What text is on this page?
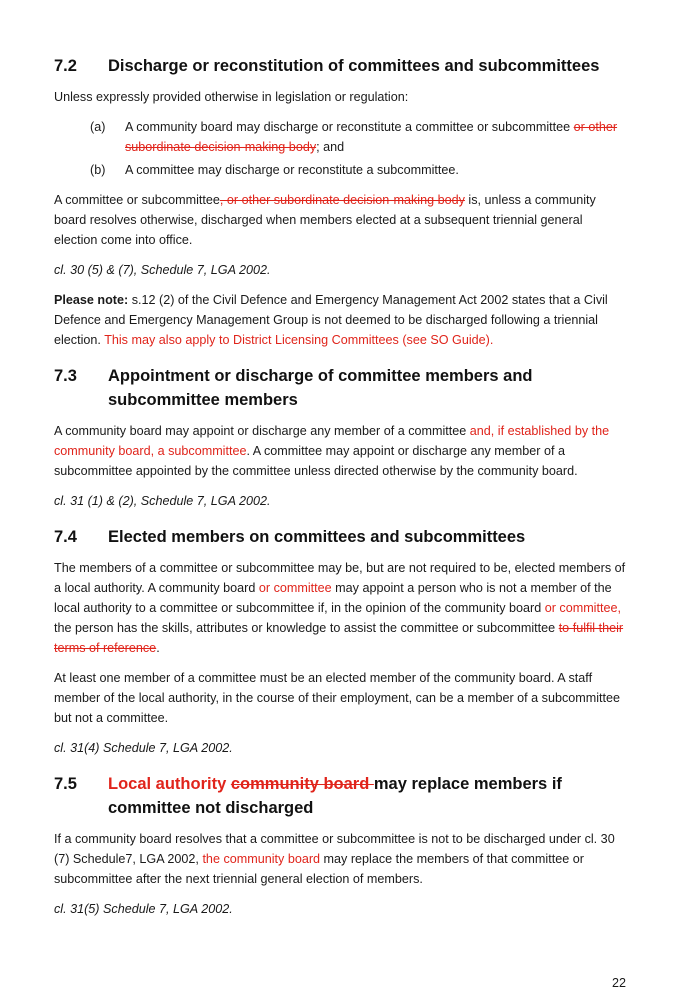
7.2	Discharge or reconstitution of committees and subcommittees

Unless expressly provided otherwise in legislation or regulation:

(a)	A community board may discharge or reconstitute a committee or subcommittee or other subordinate decision-making body; and
(b)	A committee may discharge or reconstitute a subcommittee.

A committee or subcommittee, or other subordinate decision-making body is, unless a community board resolves otherwise, discharged when members elected at a subsequent triennial general election come into office.

cl. 30 (5) & (7), Schedule 7, LGA 2002.

Please note: s.12 (2) of the Civil Defence and Emergency Management Act 2002 states that a Civil Defence and Emergency Management Group is not deemed to be discharged following a triennial election. This may also apply to District Licensing Committees (see SO Guide).

7.3	Appointment or discharge of committee members and subcommittee members

A community board may appoint or discharge any member of a committee and, if established by the community board, a subcommittee. A committee may appoint or discharge any member of a subcommittee appointed by the committee unless directed otherwise by the community board.

cl. 31 (1) & (2), Schedule 7, LGA 2002.

7.4	Elected members on committees and subcommittees

The members of a committee or subcommittee may be, but are not required to be, elected members of a local authority. A community board or committee may appoint a person who is not a member of the local authority to a committee or subcommittee if, in the opinion of the community board or committee, the person has the skills, attributes or knowledge to assist the committee or subcommittee to fulfil their terms of reference.

At least one member of a committee must be an elected member of the community board. A staff member of the local authority, in the course of their employment, can be a member of a subcommittee but not a committee.

cl. 31(4) Schedule 7, LGA 2002.

7.5	Local authority community board may replace members if committee not discharged

If a community board resolves that a committee or subcommittee is not to be discharged under cl. 30 (7) Schedule7, LGA 2002, the community board may replace the members of that committee or subcommittee after the next triennial general election of members.

cl. 31(5) Schedule 7, LGA 2002.

22
